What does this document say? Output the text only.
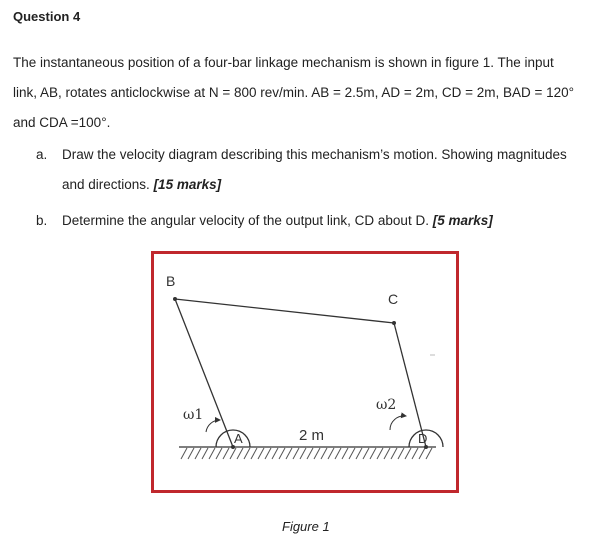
Question 4
The instantaneous position of a four-bar linkage mechanism is shown in figure 1. The input
link, AB, rotates anticlockwise at N = 800 rev/min. AB = 2.5m, AD = 2m, CD = 2m, BAD = 120°
and CDA =100°.
a. Draw the velocity diagram describing this mechanism’s motion. Showing magnitudes
and directions. [15 marks]
b. Determine the angular velocity of the output link, CD about D. [5 marks]
B
C
A	D
ω1
ω2
2 m
Figure 1
